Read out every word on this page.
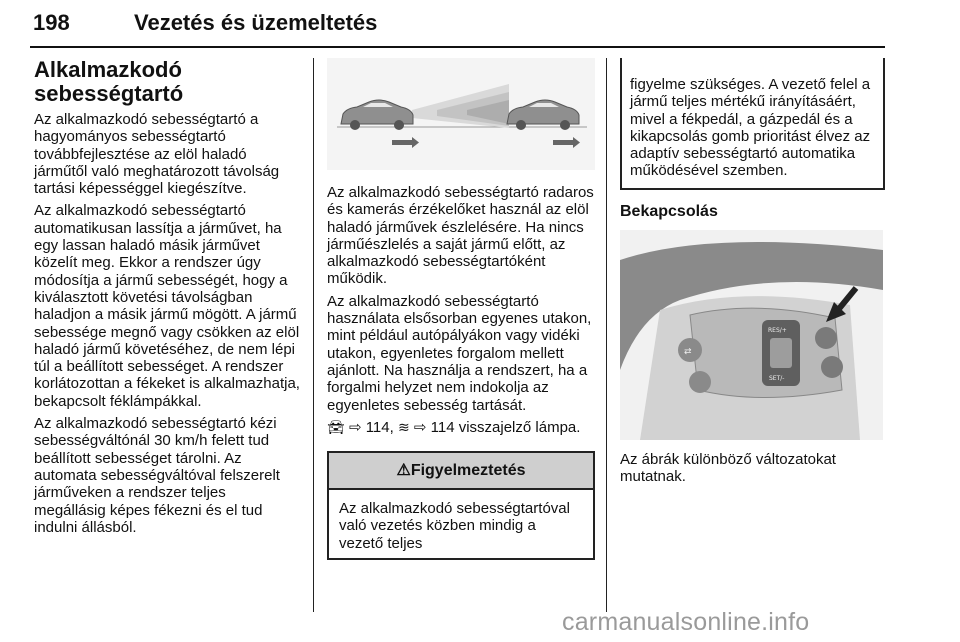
198	Vezetés és üzemeltetés
Alkalmazkodó
sebességtartó

Az alkalmazkodó sebességtartó a hagyományos sebességtartó továbbfejlesztése az elöl haladó járműtől való meghatározott távolság tartási képességgel kiegészítve.

Az alkalmazkodó sebességtartó automatikusan lassítja a járművet, ha egy lassan haladó másik járművet közelít meg. Ekkor a rendszer úgy módosítja a jármű sebességét, hogy a kiválasztott követési távolságban haladjon a másik jármű mögött. A jármű sebessége megnő vagy csökken az elöl haladó jármű követéséhez, de nem lépi túl a beállított sebességet. A rendszer korlátozottan a fékeket is alkalmazhatja, bekapcsolt féklámpákkal.

Az alkalmazkodó sebességtartó kézi sebességváltónál 30 km/h felett tud beállított sebességet tárolni. Az automata sebességváltóval felszerelt járműveken a rendszer teljes megállásig képes fékezni és el tud indulni állásból.

Az alkalmazkodó sebességtartó radaros és kamerás érzékelőket használ az elöl haladó járművek észlelésére. Ha nincs járműészlelés a saját jármű előtt, az alkalmazkodó sebességtartóként működik.

Az alkalmazkodó sebességtartó használata elsősorban egyenes utakon, mint például autópályákon vagy vidéki utakon, egyenletes forgalom mellett ajánlott. Na használja a rendszert, ha a forgalmi helyzet nem indokolja az egyenletes sebesség tartását.

🚘︎ ⇨ 114, ≋ ⇨ 114 visszajelző lámpa.

⚠Figyelmeztetés

Az alkalmazkodó sebességtartóval való vezetés közben mindig a vezető teljes

figyelme szükséges. A vezető felel a jármű teljes mértékű irányításáért, mivel a fékpedál, a gázpedál és a kikapcsolás gomb prioritást élvez az adaptív sebességtartó automatika működésével szemben.

Bekapcsolás
⇄
RES/+
SET/-

Az ábrák különböző változatokat mutatnak.

carmanualsonline.info
